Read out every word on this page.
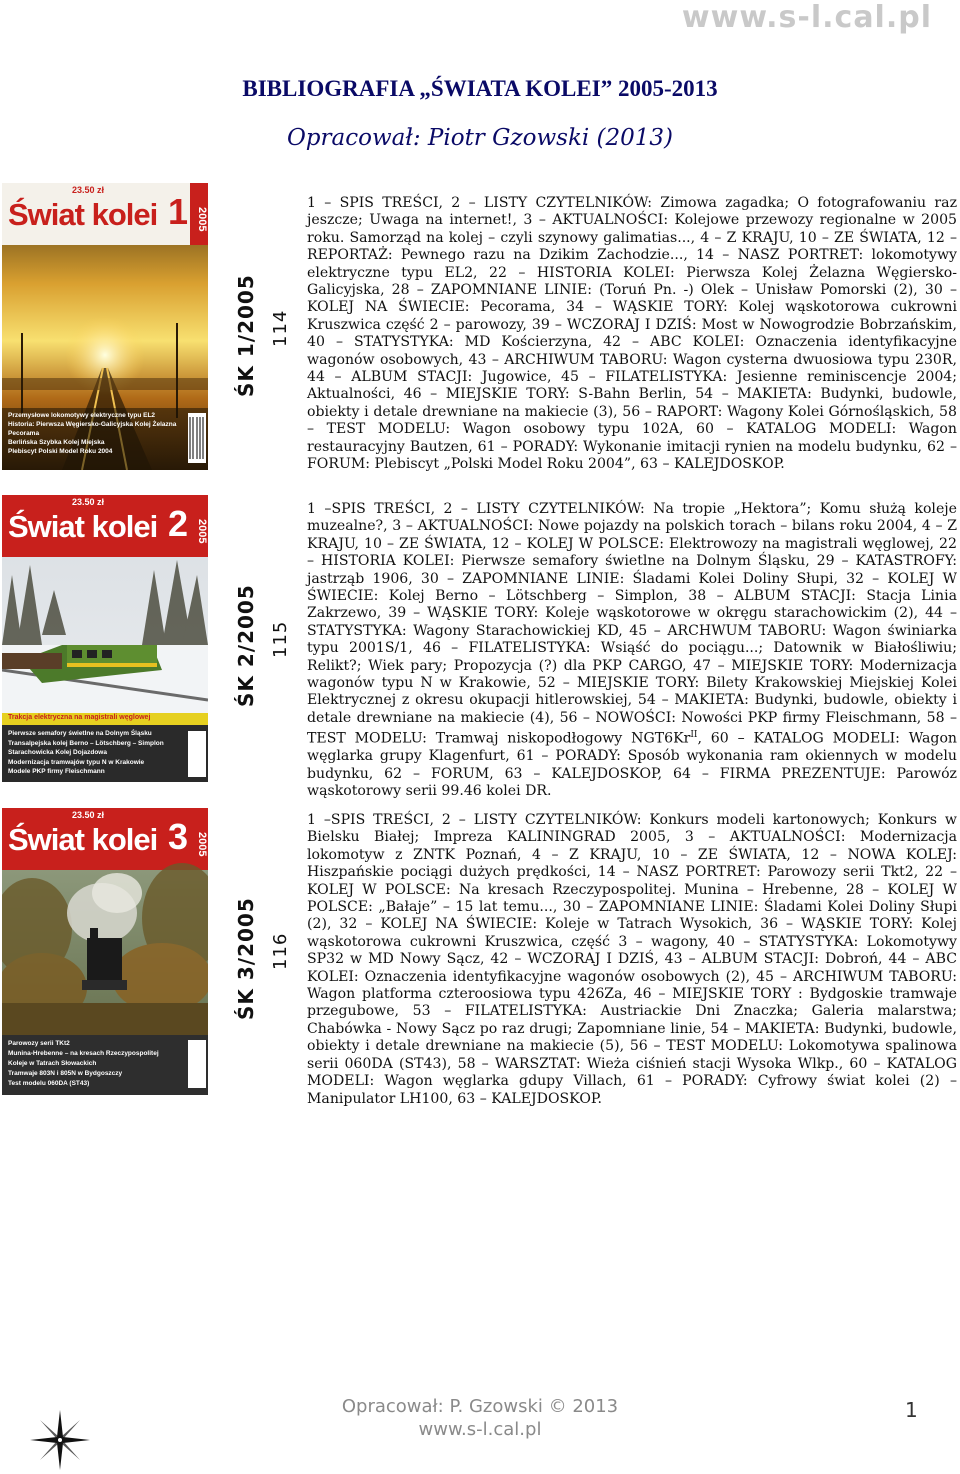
www.s-l.cal.pl
BIBLIOGRAFIA „ŚWIATA KOLEI” 2005-2013
Opracował: Piotr Gzowski (2013)
Świat kolei 1 2005
23.50 zł
Przemysłowe lokomotywy elektryczne typu EL2
Historia: Pierwsza Węgiersko-Galicyjska Kolej Żelazna
Pecorama
Berlińska Szybka Kolej Miejska
Plebiscyt Polski Model Roku 2004
ŚK 1/2005 114

1 – SPIS TREŚCI, 2 – LISTY CZYTELNIKÓW: Zimowa zagadka; O fotografowaniu raz jeszcze; Uwaga na internet!, 3 – AKTUALNOŚCI: Kolejowe przewozy regionalne w 2005 roku. Samorząd na kolej – czyli szynowy galimatias..., 4 – Z KRAJU, 10 – ZE ŚWIATA, 12 – REPORTAŻ: Pewnego razu na Dzikim Zachodzie..., 14 – NASZ PORTRET: lokomotywy elektryczne typu EL2, 22 – HISTORIA KOLEI: Pierwsza Kolej Żelazna Węgiersko-Galicyjska, 28 – ZAPOMNIANE LINIE: (Toruń Pn. -) Olek – Unisław Pomorski (2), 30 – KOLEJ NA ŚWIECIE: Pecorama, 34 – WĄSKIE TORY: Kolej wąskotorowa cukrowni Kruszwica część 2 – parowozy, 39 – WCZORAJ I DZIŚ: Most w Nowogrodzie Bobrzańskim, 40 – STATYSTYKA: MD Kościerzyna, 42 – ABC KOLEI: Oznaczenia identyfikacyjne wagonów osobowych, 43 – ARCHIWUM TABORU: Wagon cysterna dwuosiowa typu 230R, 44 – ALBUM STACJI: Jugowice, 45 – FILATELISTYKA: Jesienne reminiscencje 2004; Aktualności, 46 – MIEJSKIE TORY: S-Bahn Berlin, 54 – MAKIETA: Budynki, budowle, obiekty i detale drewniane na makiecie (3), 56 – RAPORT: Wagony Kolei Górnośląskich, 58 – TEST MODELU: Wagon osobowy typu 102A, 60 – KATALOG MODELI: Wagon restauracyjny Bautzen, 61 – PORADY: Wykonanie imitacji rynien na modelu budynku, 62 – FORUM: Plebiscyt „Polski Model Roku 2004”, 63 – KALEJDOSKOP.

Świat kolei 2 2005
23.50 zł
Trakcja elektryczna na magistrali węglowej
Pierwsze semafory świetlne na Dolnym Śląsku
Transalpejska kolej Berno – Lötschberg – Simplon
Starachowicka Kolej Dojazdowa
Modernizacja tramwajów typu N w Krakowie
Modele PKP firmy Fleischmann
ŚK 2/2005 115

1 –SPIS TREŚCI, 2 – LISTY CZYTELNIKÓW: Na tropie „Hektora”; Komu służą koleje muzealne?, 3 – AKTUALNOŚCI: Nowe pojazdy na polskich torach – bilans roku 2004, 4 – Z KRAJU, 10 – ZE ŚWIATA, 12 – KOLEJ W POLSCE: Elektrowozy na magistrali węglowej, 22 – HISTORIA KOLEI: Pierwsze semafory świetlne na Dolnym Śląsku, 29 – KATASTROFY: jastrząb 1906, 30 – ZAPOMNIANE LINIE: Śladami Kolei Doliny Słupi, 32 – KOLEJ W ŚWIECIE: Kolej Berno – Lötschberg – Simplon, 38 – ALBUM STACJI: Stacja Linia Zakrzewo, 39 – WĄSKIE TORY: Koleje wąskotorowe w okręgu starachowickim (2), 44 – STATYSTYKA: Wagony Starachowickiej KD, 45 – ARCHWUM TABORU: Wagon świniarka typu 2001S/1, 46 – FILATELISTYKA: Wsiąść do pociągu...; Datownik w Białośliwiu; Relikt?; Wiek pary; Propozycja (?) dla PKP CARGO, 47 – MIEJSKIE TORY: Modernizacja wagonów typu N w Krakowie, 52 – MIEJSKIE TORY: Bilety Krakowskiej Miejskiej Kolei Elektrycznej z okresu okupacji hitlerowskiej, 54 – MAKIETA: Budynki, budowle, obiekty i detale drewniane na makiecie (4), 56 – NOWOŚCI: Nowości PKP firmy Fleischmann, 58 – TEST MODELU: Tramwaj niskopodłogowy $NGT6Kr^{II}$, 60 – KATALOG MODELI: Wagon węglarka grupy Klagenfurt, 61 – PORADY: Sposób wykonania ram okiennych w modelu budynku, 62 – FORUM, 63 – KALEJDOSKOP, 64 – FIRMA PREZENTUJE: Parowóz wąskotorowy serii 99.46 kolei DR.

Świat kolei 3 2005
23.50 zł
Parowozy serii TKt2
Munina-Hrebenne – na kresach Rzeczypospolitej
Koleje w Tatrach Słowackich
Tramwaje 803N i 805N w Bydgoszczy
Test modelu 060DA (ST43)
ŚK 3/2005 116

1 –SPIS TREŚCI, 2 – LISTY CZYTELNIKÓW: Konkurs modeli kartonowych; Konkurs w Bielsku Białej; Impreza KALININGRAD 2005, 3 – AKTUALNOŚCI: Modernizacja lokomotyw z ZNTK Poznań, 4 – Z KRAJU, 10 – ZE ŚWIATA, 12 – NOWA KOLEJ: Hiszpańskie pociągi dużych prędkości, 14 – NASZ PORTRET: Parowozy serii Tkt2, 22 – KOLEJ W POLSCE: Na kresach Rzeczypospolitej. Munina – Hrebenne, 28 – KOLEJ W POLSCE: „Bałaje” – 15 lat temu..., 30 – ZAPOMNIANE LINIE: Śladami Kolei Doliny Słupi (2), 32 – KOLEJ NA ŚWIECIE: Koleje w Tatrach Wysokich, 36 – WĄSKIE TORY: Kolej wąskotorowa cukrowni Kruszwica, część 3 – wagony, 40 – STATYSTYKA: Lokomotywy SP32 w MD Nowy Sącz, 42 – WCZORAJ I DZIŚ, 43 – ALBUM STACJI: Dobroń, 44 – ABC KOLEI: Oznaczenia identyfikacyjne wagonów osobowych (2), 45 – ARCHIWUM TABORU: Wagon platforma czteroosiowa typu 426Za, 46 – MIEJSKIE TORY : Bydgoskie tramwaje przegubowe, 53 – FILATELISTYKA: Austriackie Dni Znaczka; Galeria malarstwa; Chabówka - Nowy Sącz po raz drugi; Zapomniane linie, 54 – MAKIETA: Budynki, budowle, obiekty i detale drewniane na makiecie (5), 56 – TEST MODELU: Lokomotywa spalinowa serii 060DA (ST43), 58 – WARSZTAT: Wieża ciśnień stacji Wysoka Wlkp., 60 – KATALOG MODELI: Wagon węglarka gdupy Villach, 61 – PORADY: Cyfrowy świat kolei (2) – Manipulator LH100, 63 – KALEJDOSKOP.

Opracował: P. Gzowski © 2013
www.s-l.cal.pl
1
